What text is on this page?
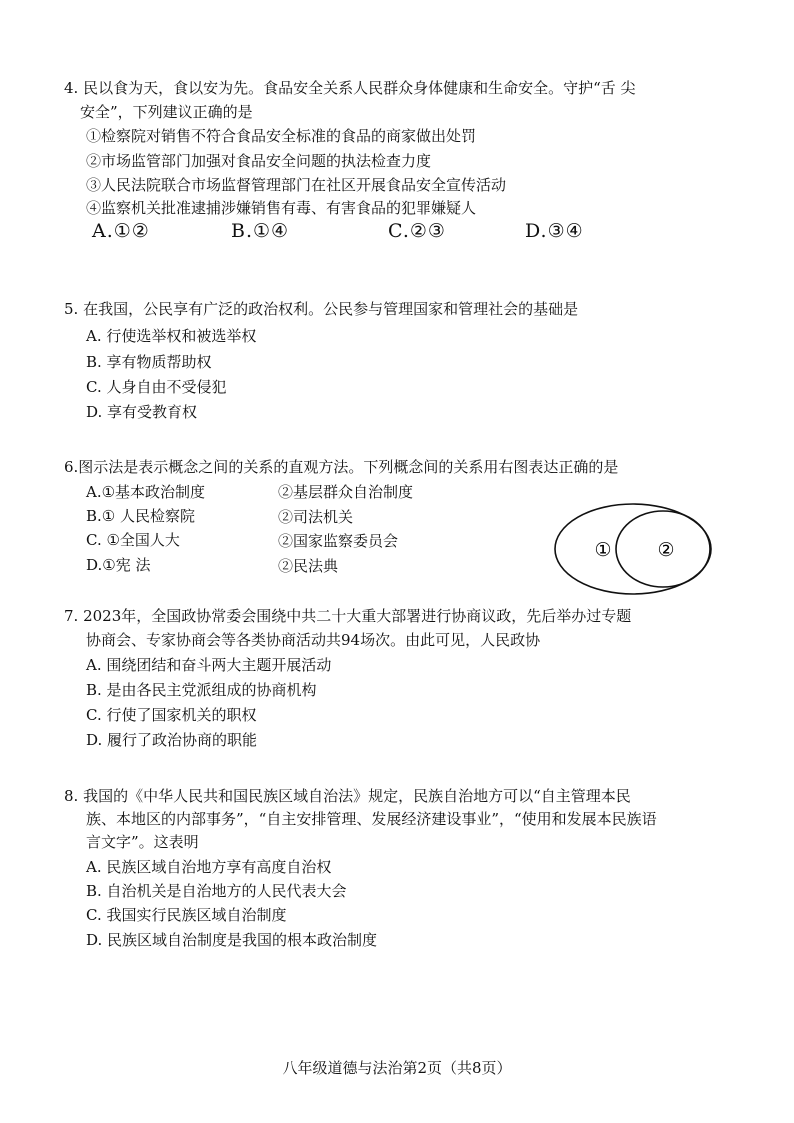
4. 民以食为天，食以安为先。食品安全关系人民群众身体健康和生命安全。守护“舌 尖
安全”，下列建议正确的是
①检察院对销售不符合食品安全标准的食品的商家做出处罚
②市场监管部门加强对食品安全问题的执法检查力度
③人民法院联合市场监督管理部门在社区开展食品安全宣传活动
④监察机关批准逮捕涉嫌销售有毒、有害食品的犯罪嫌疑人
A.①②	B.①④	C.②③	D.③④
5. 在我国，公民享有广泛的政治权利。公民参与管理国家和管理社会的基础是
A. 行使选举权和被选举权
B. 享有物质帮助权
C. 人身自由不受侵犯
D. 享有受教育权
6.图示法是表示概念之间的关系的直观方法。下列概念间的关系用右图表达正确的是
A.①基本政治制度	②基层群众自治制度
B.① 人民检察院	②司法机关
C. ①全国人大	②国家监察委员会
D.①宪 法	②民法典
① ②
7. 2023年，全国政协常委会围绕中共二十大重大部署进行协商议政，先后举办过专题
协商会、专家协商会等各类协商活动共94场次。由此可见，人民政协
A. 围绕团结和奋斗两大主题开展活动
B. 是由各民主党派组成的协商机构
C. 行使了国家机关的职权
D. 履行了政治协商的职能
8. 我国的《中华人民共和国民族区域自治法》规定，民族自治地方可以“自主管理本民
族、本地区的内部事务”，“自主安排管理、发展经济建设事业”，“使用和发展本民族语
言文字”。这表明
A. 民族区域自治地方享有高度自治权
B. 自治机关是自治地方的人民代表大会
C. 我国实行民族区域自治制度
D. 民族区域自治制度是我国的根本政治制度
八年级道德与法治第2页（共8页）
